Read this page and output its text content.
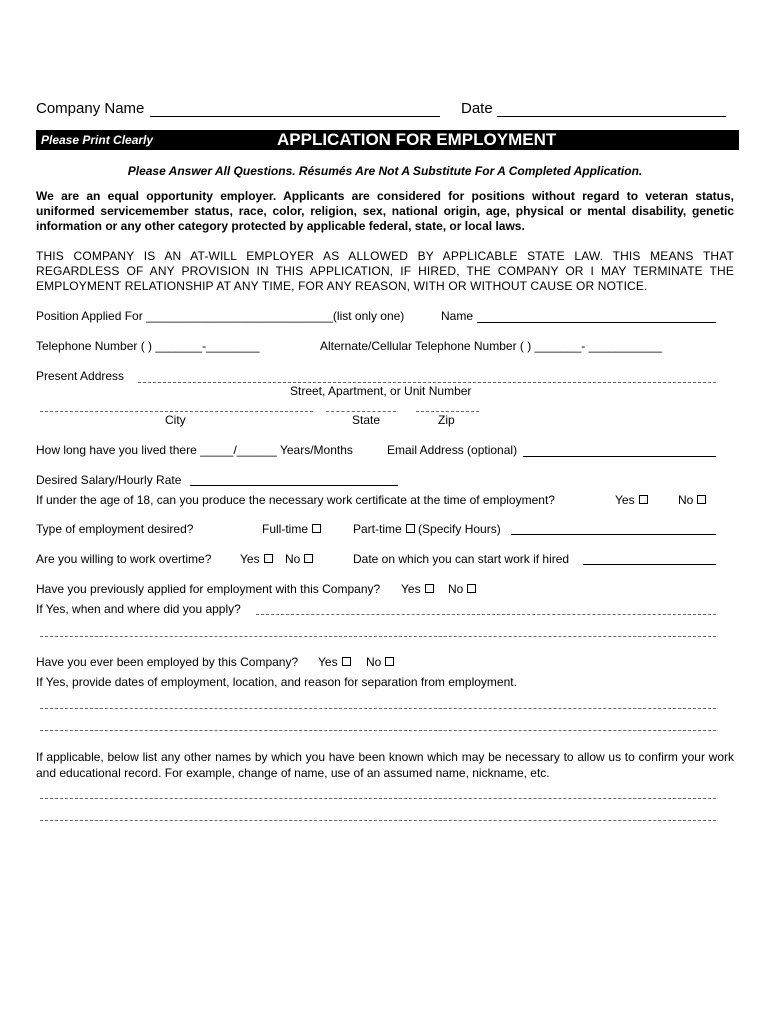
Company Name	Date
Please Print Clearly	APPLICATION FOR EMPLOYMENT
Please Answer All Questions. Résumés Are Not A Substitute For A Completed Application.
We are an equal opportunity employer. Applicants are considered for positions without regard to veteran status, uniformed servicemember status, race, color, religion, sex, national origin, age, physical or mental disability, genetic information or any other category protected by applicable federal, state, or local laws.
THIS COMPANY IS AN AT-WILL EMPLOYER AS ALLOWED BY APPLICABLE STATE LAW. THIS MEANS THAT REGARDLESS OF ANY PROVISION IN THIS APPLICATION, IF HIRED, THE COMPANY OR I MAY TERMINATE THE EMPLOYMENT RELATIONSHIP AT ANY TIME, FOR ANY REASON, WITH OR WITHOUT CAUSE OR NOTICE.
Position Applied For ____________________________(list only one)	Name
Telephone Number ( ) _______-________	Alternate/Cellular Telephone Number ( ) _______- ___________
Present Address
Street, Apartment, or Unit Number
City	State	Zip
How long have you lived there _____/______ Years/Months	Email Address (optional)
Desired Salary/Hourly Rate
If under the age of 18, can you produce the necessary work certificate at the time of employment?	Yes	No
Type of employment desired?	Full-time	Part-time (Specify Hours)
Are you willing to work overtime? Yes	No	Date on which you can start work if hired
Have you previously applied for employment with this Company? Yes	No
If Yes, when and where did you apply?
Have you ever been employed by this Company? Yes	No
If Yes, provide dates of employment, location, and reason for separation from employment.
If applicable, below list any other names by which you have been known which may be necessary to allow us to confirm your work and educational record. For example, change of name, use of an assumed name, nickname, etc.
